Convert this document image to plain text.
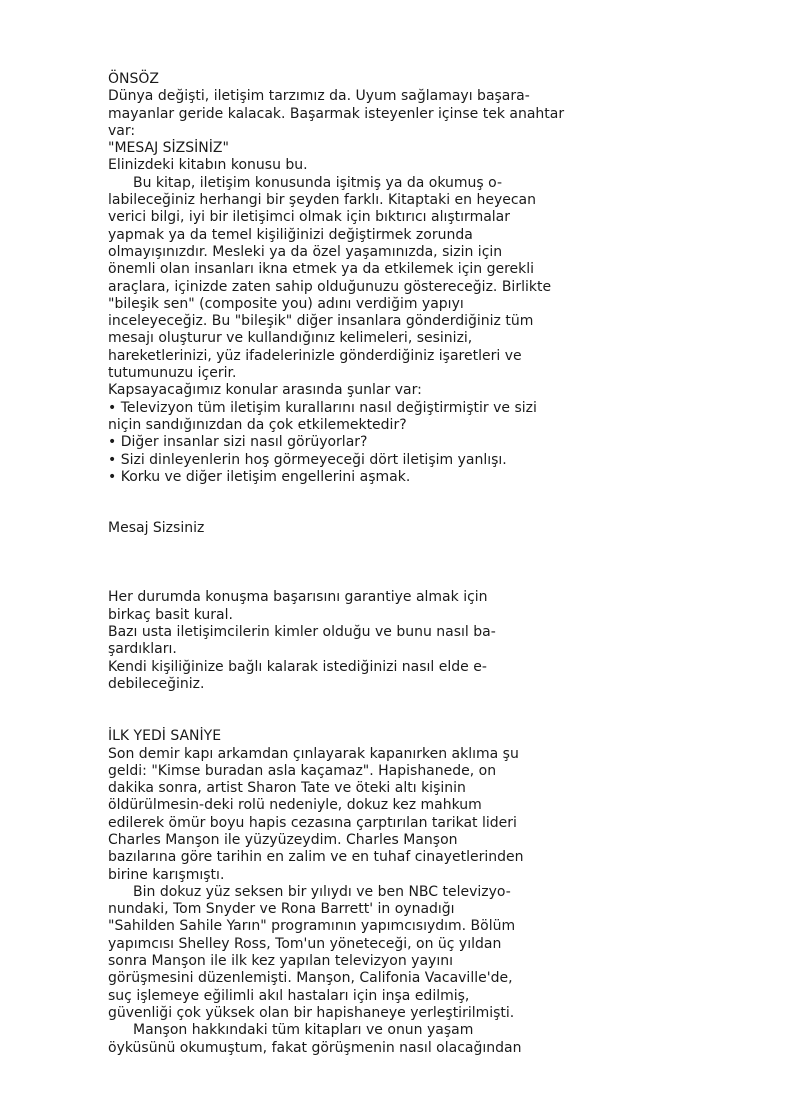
ÖNSÖZ
Dünya değişti, iletişim tarzımız da. Uyum sağlamayı başara-
mayanlar geride kalacak. Başarmak isteyenler içinse tek anahtar
var:
"MESAJ SİZSİNİZ"
Elinizdeki kitabın konusu bu.
Bu kitap, iletişim konusunda işitmiş ya da okumuş o-
labileceğiniz herhangi bir şeyden farklı. Kitaptaki en heyecan
verici bilgi, iyi bir iletişimci olmak için bıktırıcı alıştırmalar
yapmak ya da temel kişiliğinizi değiştirmek zorunda
olmayışınızdır. Mesleki ya da özel yaşamınızda, sizin için
önemli olan insanları ikna etmek ya da etkilemek için gerekli
araçlara, içinizde zaten sahip olduğunuzu göstereceğiz. Birlikte
"bileşik sen" (composite you) adını verdiğim yapıyı
inceleyeceğiz. Bu "bileşik" diğer insanlara gönderdiğiniz tüm
mesajı oluşturur ve kullandığınız kelimeleri, sesinizi,
hareketlerinizi, yüz ifadelerinizle gönderdiğiniz işaretleri ve
tutumunuzu içerir.
Kapsayacağımız konular arasında şunlar var:
• Televizyon tüm iletişim kurallarını nasıl değiştirmiştir ve sizi
niçin sandığınızdan da çok etkilemektedir?
• Diğer insanlar sizi nasıl görüyorlar?
• Sizi dinleyenlerin hoş görmeyeceği dört iletişim yanlışı.
• Korku ve diğer iletişim engellerini aşmak.
Mesaj Sizsiniz
Her durumda konuşma başarısını garantiye almak için
birkaç basit kural.
Bazı usta iletişimcilerin kimler olduğu ve bunu nasıl ba-
şardıkları.
Kendi kişiliğinize bağlı kalarak istediğinizi nasıl elde e-
debileceğiniz.
İLK YEDİ SANİYE
Son demir kapı arkamdan çınlayarak kapanırken aklıma şu
geldi: "Kimse buradan asla kaçamaz". Hapishanede, on
dakika sonra, artist Sharon Tate ve öteki altı kişinin
öldürülmesin-deki rolü nedeniyle, dokuz kez mahkum
edilerek ömür boyu hapis cezasına çarptırılan tarikat lideri
Charles Manşon ile yüzyüzeydim. Charles Manşon
bazılarına göre tarihin en zalim ve en tuhaf cinayetlerinden
birine karışmıştı.
Bin dokuz yüz seksen bir yılıydı ve ben NBC televizyo-
nundaki, Tom Snyder ve Rona Barrett' in oynadığı
"Sahilden Sahile Yarın" programının yapımcısıydım. Bölüm
yapımcısı Shelley Ross, Tom'un yöneteceği, on üç yıldan
sonra Manşon ile ilk kez yapılan televizyon yayını
görüşmesini düzenlemişti. Manşon, Califonia Vacaville'de,
suç işlemeye eğilimli akıl hastaları için inşa edilmiş,
güvenliği çok yüksek olan bir hapishaneye yerleştirilmişti.
Manşon hakkındaki tüm kitapları ve onun yaşam
öyküsünü okumuştum, fakat görüşmenin nasıl olacağından
